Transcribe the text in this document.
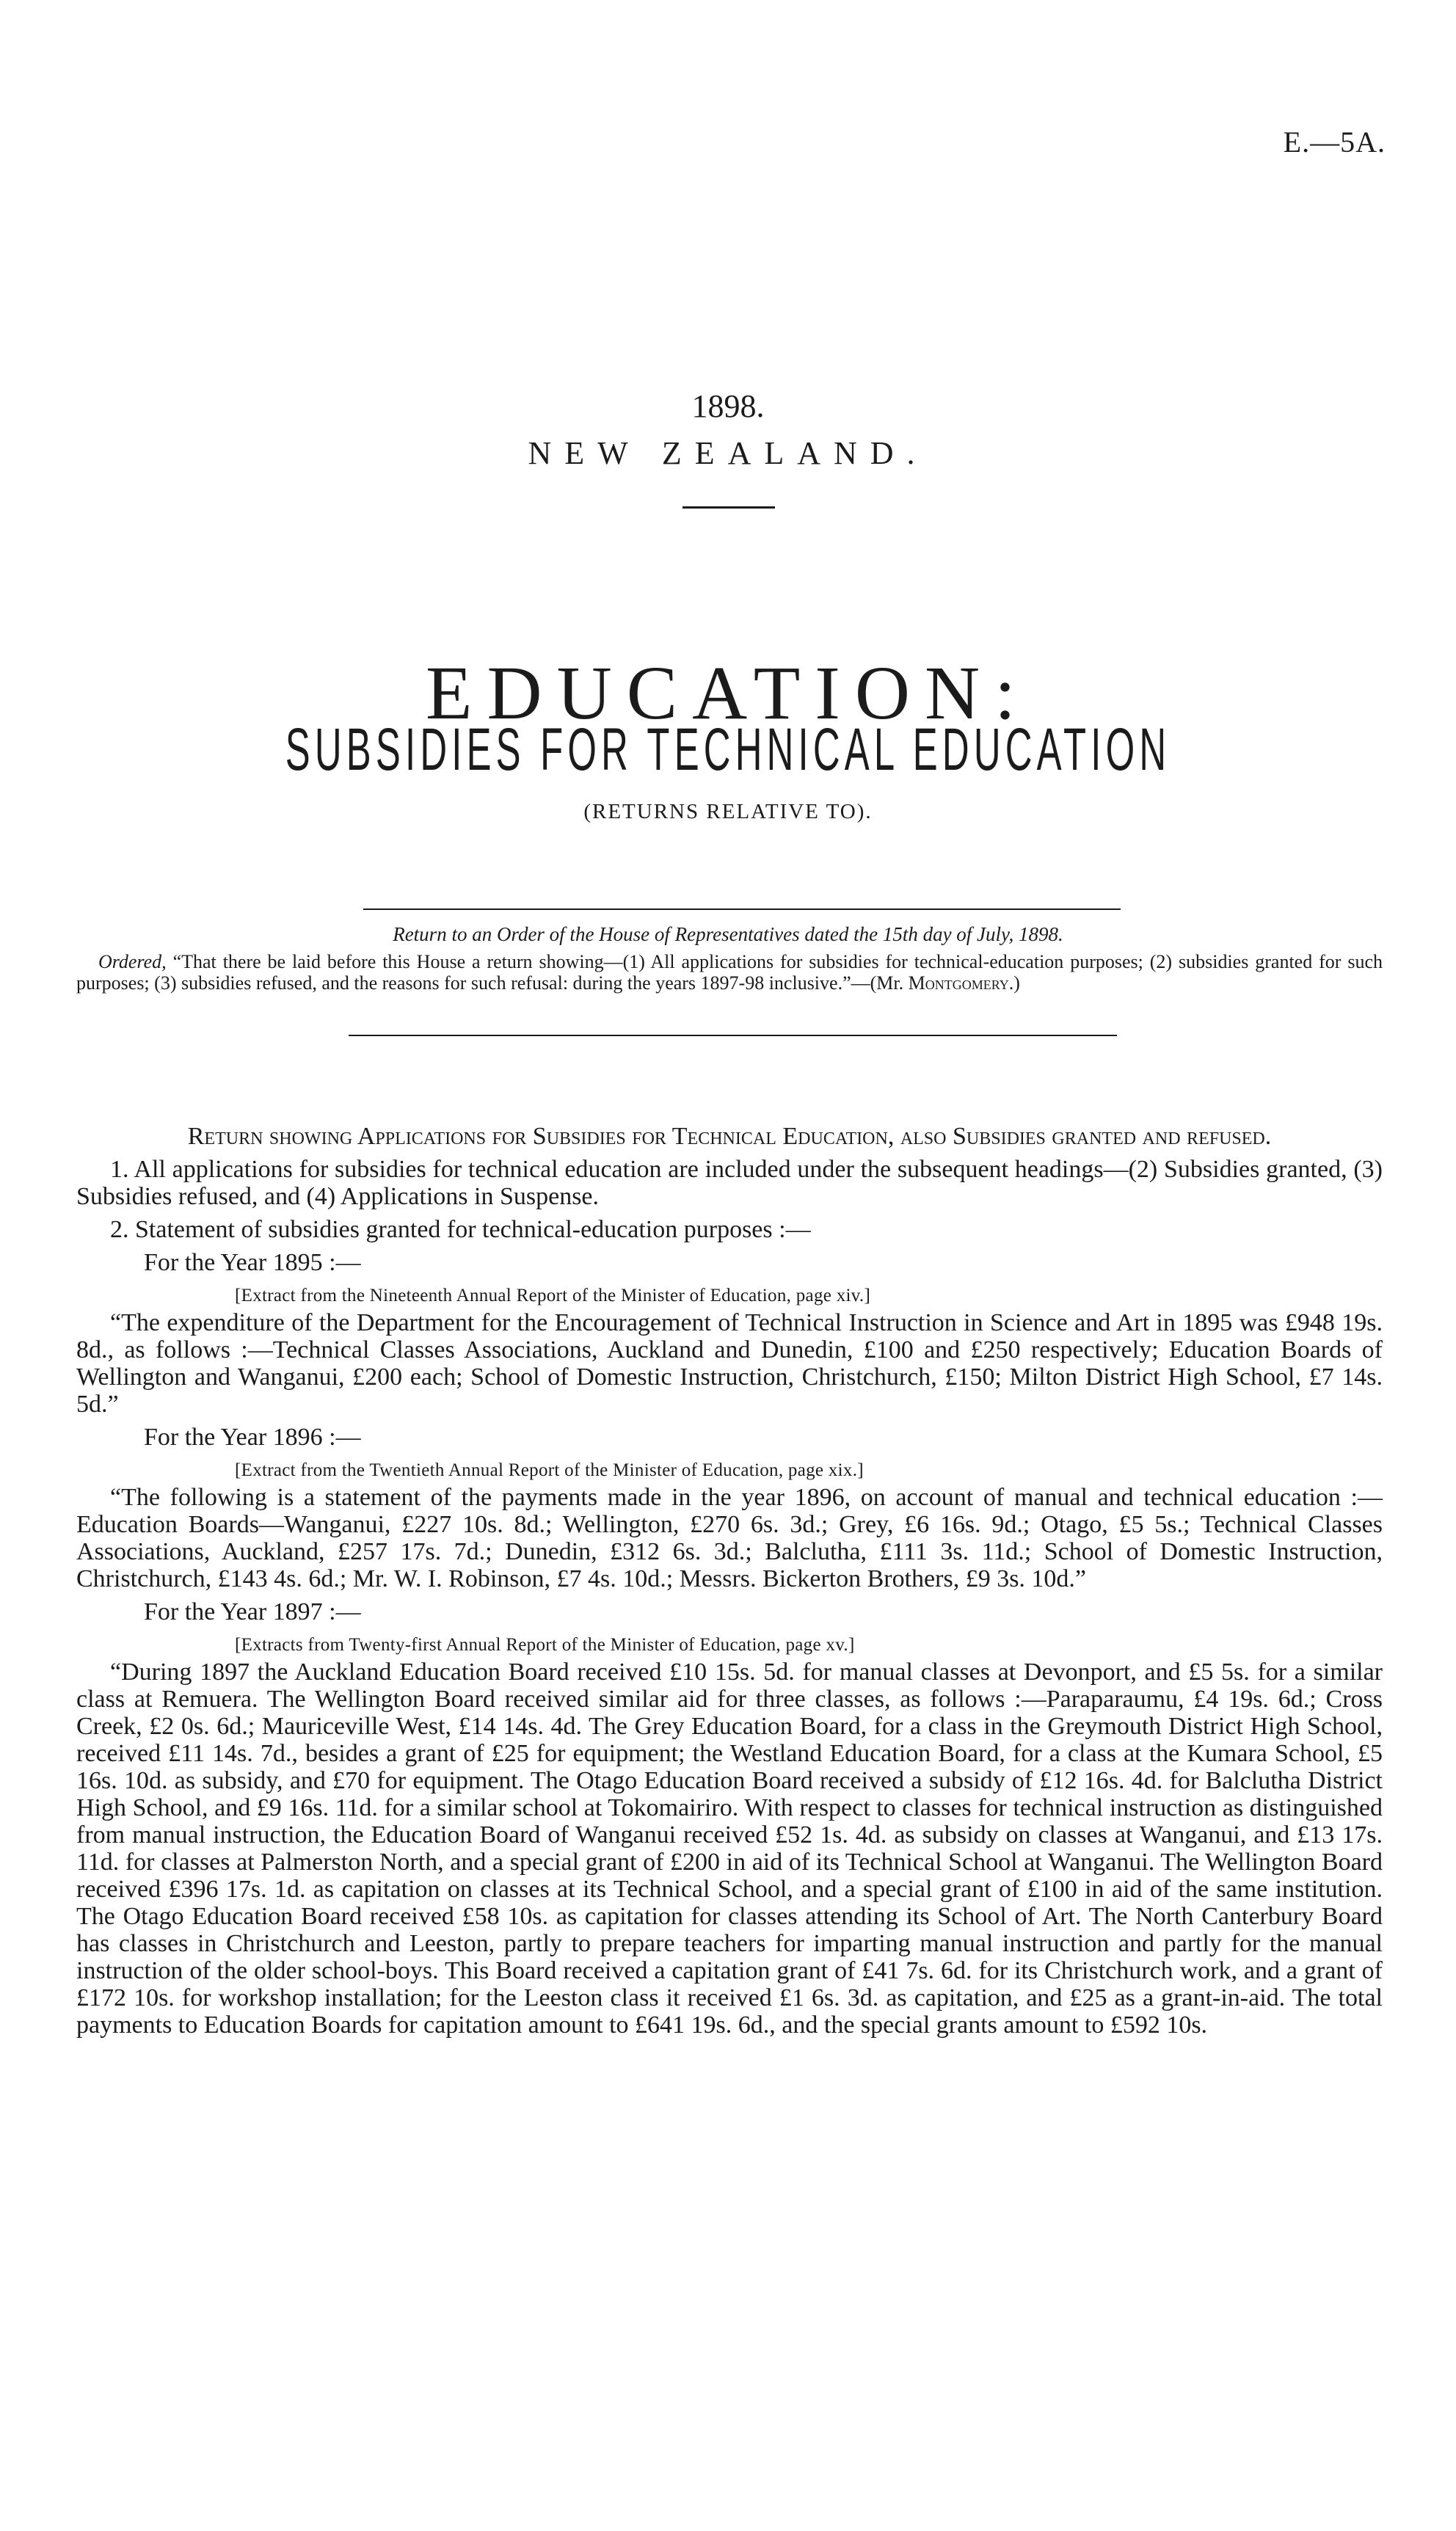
E.—5A.
1898.
NEW ZEALAND.
EDUCATION:
SUBSIDIES FOR TECHNICAL EDUCATION
(RETURNS RELATIVE TO).
Return to an Order of the House of Representatives dated the 15th day of July, 1898.

Ordered, “That there be laid before this House a return showing—(1) All applications for subsidies for technical-education purposes; (2) subsidies granted for such purposes; (3) subsidies refused, and the reasons for such refusal: during the years 1897-98 inclusive.”—(Mr. Montgomery.)

Return showing Applications for Subsidies for Technical Education, also Subsidies granted and refused.

1. All applications for subsidies for technical education are included under the subsequent headings—(2) Subsidies granted, (3) Subsidies refused, and (4) Applications in Suspense.

2. Statement of subsidies granted for technical-education purposes :—

For the Year 1895 :—

[Extract from the Nineteenth Annual Report of the Minister of Education, page xiv.]

“The expenditure of the Department for the Encouragement of Technical Instruction in Science and Art in 1895 was £948 19s. 8d., as follows :—Technical Classes Associations, Auckland and Dunedin, £100 and £250 respectively; Education Boards of Wellington and Wanganui, £200 each; School of Domestic Instruction, Christchurch, £150; Milton District High School, £7 14s. 5d.”

For the Year 1896 :—

[Extract from the Twentieth Annual Report of the Minister of Education, page xix.]

“The following is a statement of the payments made in the year 1896, on account of manual and technical education :—Education Boards—Wanganui, £227 10s. 8d.; Wellington, £270 6s. 3d.; Grey, £6 16s. 9d.; Otago, £5 5s.; Technical Classes Associations, Auckland, £257 17s. 7d.; Dunedin, £312 6s. 3d.; Balclutha, £111 3s. 11d.; School of Domestic Instruction, Christchurch, £143 4s. 6d.; Mr. W. I. Robinson, £7 4s. 10d.; Messrs. Bickerton Brothers, £9 3s. 10d.”

For the Year 1897 :—

[Extracts from Twenty-first Annual Report of the Minister of Education, page xv.]

“During 1897 the Auckland Education Board received £10 15s. 5d. for manual classes at Devonport, and £5 5s. for a similar class at Remuera. The Wellington Board received similar aid for three classes, as follows :—Paraparaumu, £4 19s. 6d.; Cross Creek, £2 0s. 6d.; Mauriceville West, £14 14s. 4d. The Grey Education Board, for a class in the Greymouth District High School, received £11 14s. 7d., besides a grant of £25 for equipment; the Westland Education Board, for a class at the Kumara School, £5 16s. 10d. as subsidy, and £70 for equipment. The Otago Education Board received a subsidy of £12 16s. 4d. for Balclutha District High School, and £9 16s. 11d. for a similar school at Tokomairiro. With respect to classes for technical instruction as distinguished from manual instruction, the Education Board of Wanganui received £52 1s. 4d. as subsidy on classes at Wanganui, and £13 17s. 11d. for classes at Palmerston North, and a special grant of £200 in aid of its Technical School at Wanganui. The Wellington Board received £396 17s. 1d. as capitation on classes at its Technical School, and a special grant of £100 in aid of the same institution. The Otago Education Board received £58 10s. as capitation for classes attending its School of Art. The North Canterbury Board has classes in Christchurch and Leeston, partly to prepare teachers for imparting manual instruction and partly for the manual instruction of the older school-boys. This Board received a capitation grant of £41 7s. 6d. for its Christchurch work, and a grant of £172 10s. for workshop installation; for the Leeston class it received £1 6s. 3d. as capitation, and £25 as a grant-in-aid. The total payments to Education Boards for capitation amount to £641 19s. 6d., and the special grants amount to £592 10s.
